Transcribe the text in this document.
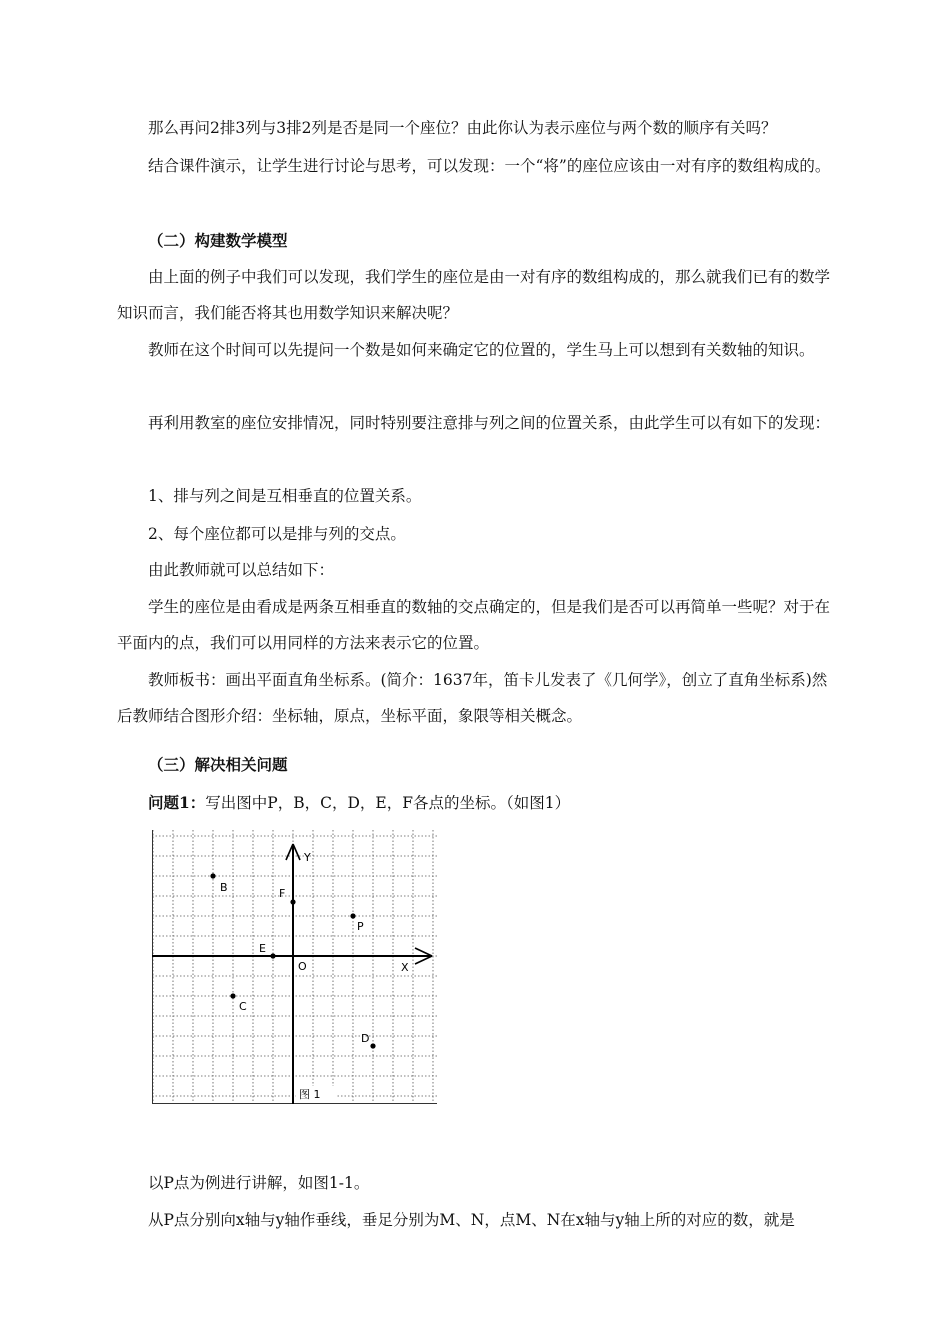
那么再问2排3列与3排2列是否是同一个座位？由此你认为表示座位与两个数的顺序有关吗？

结合课件演示，让学生进行讨论与思考，可以发现：一个“将”的座位应该由一对有序的数组构成的。

（二）构建数学模型

由上面的例子中我们可以发现，我们学生的座位是由一对有序的数组构成的，那么就我们已有的数学知识而言，我们能否将其也用数学知识来解决呢？

教师在这个时间可以先提问一个数是如何来确定它的位置的，学生马上可以想到有关数轴的知识。

再利用教室的座位安排情况，同时特别要注意排与列之间的位置关系，由此学生可以有如下的发现：

1、排与列之间是互相垂直的位置关系。

2、每个座位都可以是排与列的交点。

由此教师就可以总结如下：

学生的座位是由看成是两条互相垂直的数轴的交点确定的，但是我们是否可以再简单一些呢？对于在平面内的点，我们可以用同样的方法来表示它的位置。

教师板书：画出平面直角坐标系。(简介：1637年，笛卡儿发表了《几何学》，创立了直角坐标系)然后教师结合图形介绍：坐标轴，原点，坐标平面，象限等相关概念。

（三）解决相关问题

问题1：写出图中P，B，C，D，E，F各点的坐标。（如图1）

B	F
P
E
C
D
X
Y
O
图 1

以P点为例进行讲解，如图1-1。

从P点分别向x轴与y轴作垂线，垂足分别为M、N，点M、N在x轴与y轴上所的对应的数，就是
